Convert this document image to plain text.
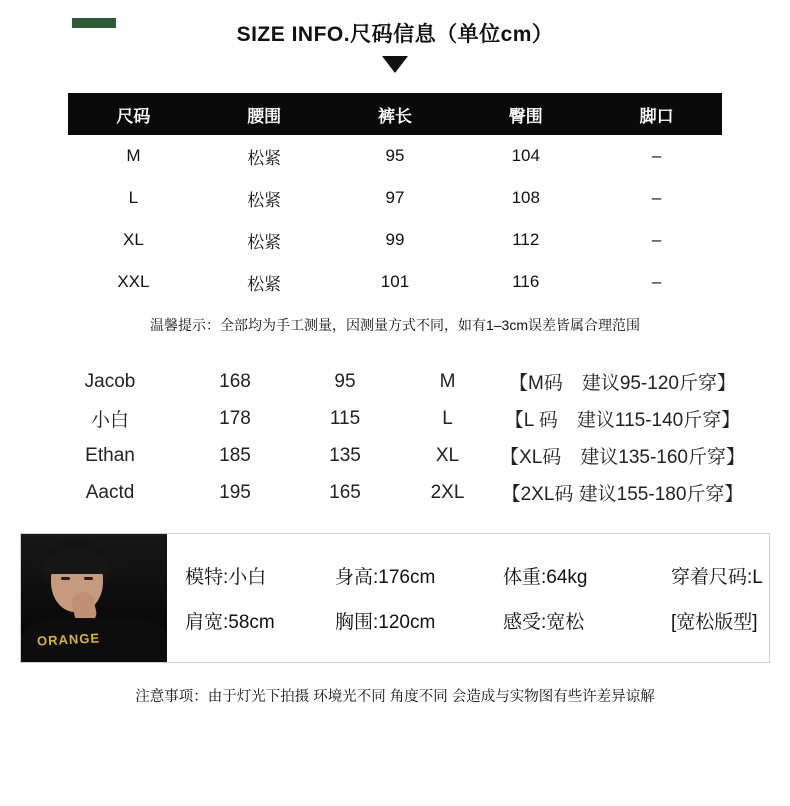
SIZE INFO.尺码信息（单位cm）
尺码	腰围	裤长	臀围	脚口
M	松紧	95	104	–
L	松紧	97	108	–
XL	松紧	99	112	–
XXL	松紧	101	116	–
温馨提示：全部均为手工测量，因测量方式不同，如有1–3cm误差皆属合理范围
Jacob	168	95	M	【M码　建议95-120斤穿】
小白	178	115	L	【L 码　建议115-140斤穿】
Ethan	185	135	XL	【XL码　建议135-160斤穿】
Aactd	195	165	2XL	【2XL码 建议155-180斤穿】
ORANGE
模特:小白	身高:176cm	体重:64kg	穿着尺码:L
肩宽:58cm	胸围:120cm	感受:宽松	[宽松版型]
注意事项：由于灯光下拍摄 环境光不同 角度不同 会造成与实物图有些许差异谅解
